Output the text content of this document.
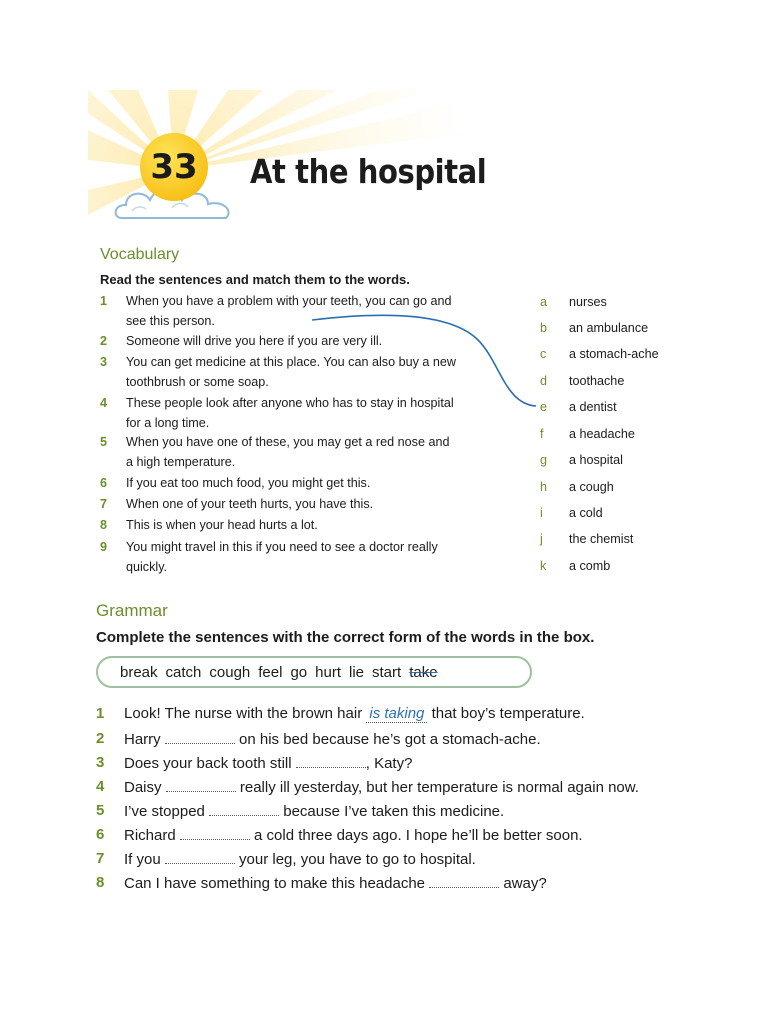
33	At the hospital
Vocabulary
Read the sentences and match them to the words.
1 When you have a problem with your teeth, you can go and see this person.
2 Someone will drive you here if you are very ill.
3 You can get medicine at this place. You can also buy a new toothbrush or some soap.
4 These people look after anyone who has to stay in hospital for a long time.
5 When you have one of these, you may get a red nose and a high temperature.
6 If you eat too much food, you might get this.
7 When one of your teeth hurts, you have this.
8 This is when your head hurts a lot.
9 You might travel in this if you need to see a doctor really quickly.
a	nurses
b	an ambulance
c	a stomach-ache
d	toothache
e	a dentist
f	a headache
g	a hospital
h	a cough
i	a cold
j	the chemist
k	a comb
Grammar
Complete the sentences with the correct form of the words in the box.
break catch cough feel go hurt lie start take
1 Look! The nurse with the brown hair is taking that boy’s temperature.
2 Harry	on his bed because he’s got a stomach-ache.
3 Does your back tooth still	, Katy?
4 Daisy	really ill yesterday, but her temperature is normal again now.
5 I’ve stopped	because I’ve taken this medicine.
6 Richard	a cold three days ago. I hope he’ll be better soon.
7 If you	your leg, you have to go to hospital.
8 Can I have something to make this headache	away?
